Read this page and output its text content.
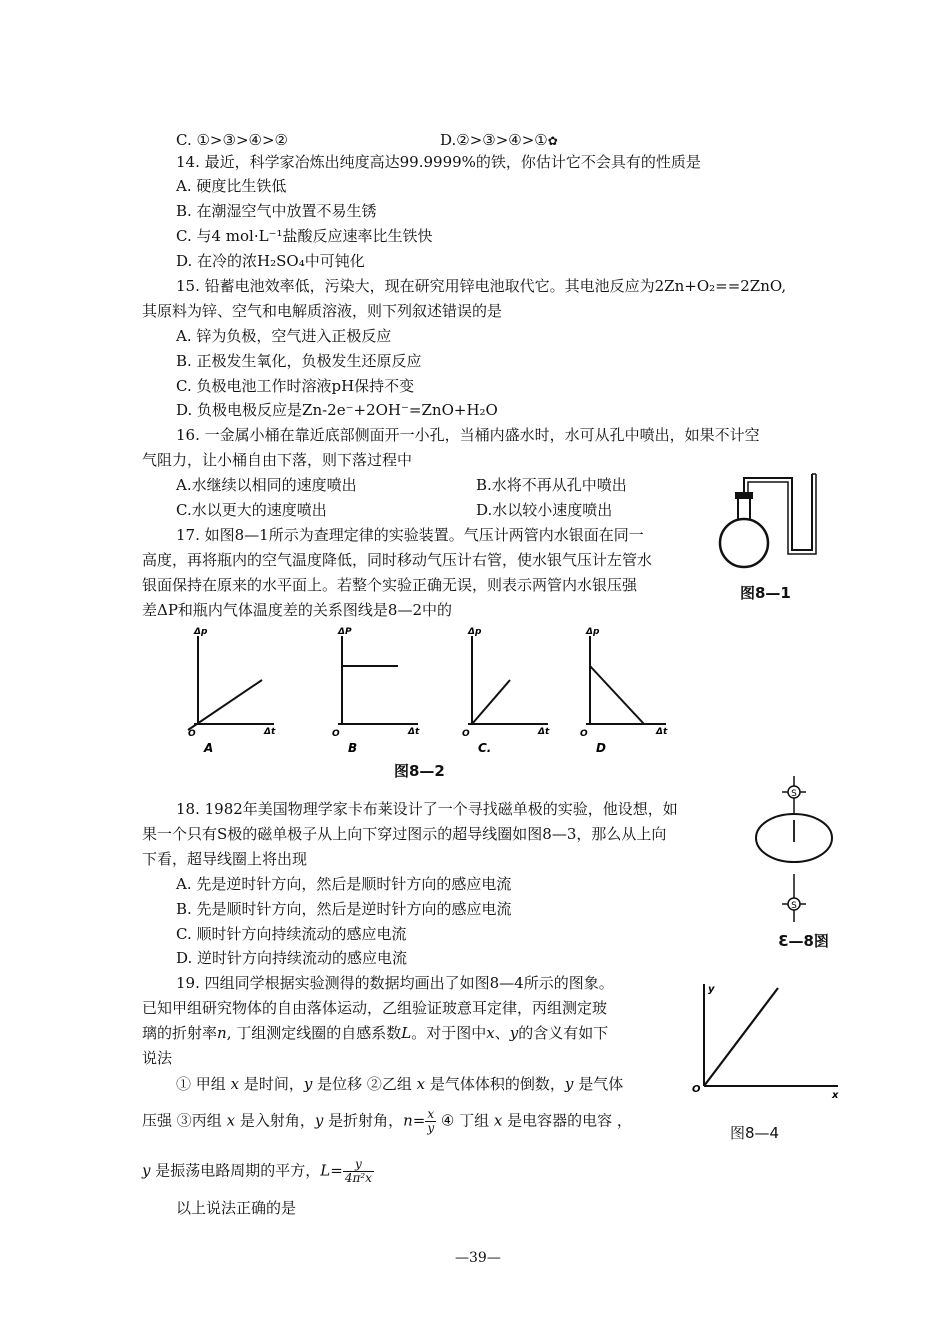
C. ①>③>④>②	D.②>③>④>①✿
14. 最近，科学家冶炼出纯度高达99.9999%的铁，你估计它不会具有的性质是
A. 硬度比生铁低
B. 在潮湿空气中放置不易生锈
C. 与4 mol·L⁻¹盐酸反应速率比生铁快
D. 在冷的浓H₂SO₄中可钝化
15. 铅蓄电池效率低，污染大，现在研究用锌电池取代它。其电池反应为2Zn+O₂==2ZnO,
其原料为锌、空气和电解质溶液，则下列叙述错误的是
A. 锌为负极，空气进入正极反应
B. 正极发生氧化，负极发生还原反应
C. 负极电池工作时溶液pH保持不变
D. 负极电极反应是Zn-2e⁻+2OH⁻=ZnO+H₂O
16. 一金属小桶在靠近底部侧面开一小孔，当桶内盛水时，水可从孔中喷出，如果不计空
气阻力，让小桶自由下落，则下落过程中
A.水继续以相同的速度喷出	B.水将不再从孔中喷出
C.水以更大的速度喷出	D.水以较小速度喷出
17. 如图8—1所示为查理定律的实验装置。气压计两管内水银面在同一
高度，再将瓶内的空气温度降低，同时移动气压计右管，使水银气压计左管水
银面保持在原来的水平面上。若整个实验正确无误，则表示两管内水银压强
差ΔP和瓶内气体温度差的关系图线是8—2中的
图8—1
Δp
Δt
O
A
ΔP
Δt
O
B
Δp
Δt
O
C.
Δp
Δt
O
D
图8—2
18. 1982年美国物理学家卡布莱设计了一个寻找磁单极的实验，他设想，如
果一个只有S极的磁单极子从上向下穿过图示的超导线圈如图8—3，那么从上向
下看，超导线圈上将出现
A. 先是逆时针方向，然后是顺时针方向的感应电流
B. 先是顺时针方向，然后是逆时针方向的感应电流
C. 顺时针方向持续流动的感应电流
D. 逆时针方向持续流动的感应电流
S
S
图8—3
19. 四组同学根据实验测得的数据均画出了如图8—4所示的图象。
已知甲组研究物体的自由落体运动，乙组验证玻意耳定律，丙组测定玻
璃的折射率n, 丁组测定线圈的自感系数L。对于图中x、y的含义有如下
说法
① 甲组 x 是时间，y 是位移 ②乙组 x 是气体体积的倒数，y 是气体
压强 ③丙组 x 是入射角，y 是折射角，$n= \frac{x}{y}$ ④ 丁组 x 是电容器的电容 ，
y 是振荡电路周期的平方，$L= \frac{y}{\text{4π²x}}$
以上说法正确的是
y
x
O
图8—4
—39—
